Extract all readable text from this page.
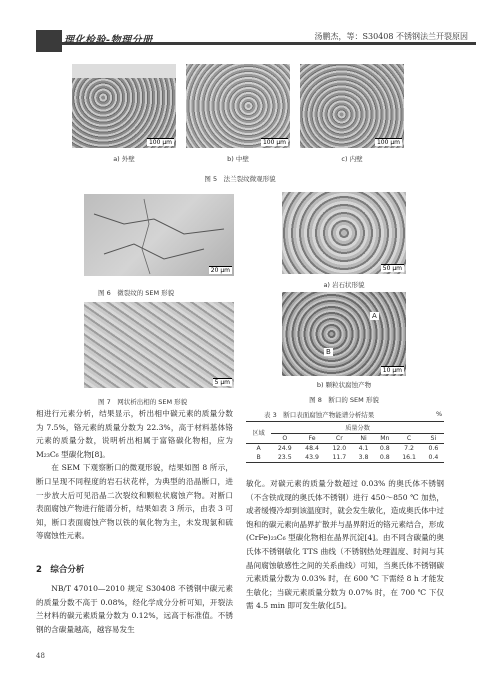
理化检验-物理分册	汤鹏杰，等：S30408 不锈钢法兰开裂原因
100 μm	100 μm	100 μm
a) 外壁	b) 中壁	c) 内壁
图 5　法兰裂纹微观形貌
20 μm
图 6　微裂纹的 SEM 形貌
5 μm
图 7　网状析出相的 SEM 形貌
50 μm
a) 岩石状形貌
A
B
10 μm
b) 颗粒状腐蚀产物
图 8　断口的 SEM 形貌

相进行元素分析，结果显示，析出相中碳元素的质量分数为 7.5%，铬元素的质量分数为 22.3%，高于材料基体铬元素的质量分数，说明析出相属于富铬碳化物相，应为 M₂₃C₆ 型碳化物[8]。

在 SEM 下观察断口的微观形貌，结果如图 8 所示，断口呈现不同程度的岩石状花样，为典型的沿晶断口，进一步放大后可见沿晶二次裂纹和颗粒状腐蚀产物。对断口表面腐蚀产物进行能谱分析，结果如表 3 所示，由表 3 可知，断口表面腐蚀产物以铁的氧化物为主，未发现氯和硫等腐蚀性元素。

2　综合分析
NB/T 47010—2010 规定 S30408 不锈钢中碳元素的质量分数不高于 0.08%，经化学成分分析可知，开裂法兰材料的碳元素质量分数为 0.12%，远高于标准值。不锈钢的含碳量越高，越容易发生
表 3　断口表面腐蚀产物能谱分析结果	%
区域	质量分数						
	O	Fe	Cr	Ni	Mn	C	Si
A	24.9	48.4	12.0	4.1	0.8	7.2	0.6
B	23.5	43.9	11.7	3.8	0.8	16.1	0.4
敏化。对碳元素的质量分数超过 0.03% 的奥氏体不锈钢（不含铁成现的奥氏体不锈钢）进行 450～850 ℃ 加热，或者缓慢冷却到该温度时，就会发生敏化，造成奥氏体中过饱和的碳元素向晶界扩散并与晶界附近的铬元素结合，形成 (CrFe)₂₃C₆ 型碳化物相在晶界沉淀[4]。由不同含碳量的奥氏体不锈钢敏化 TTS 曲线（不锈钢热处理温度、时间与其晶间腐蚀敏感性之间的关系曲线）可知，当奥氏体不锈钢碳元素质量分数为 0.03% 时，在 600 ℃ 下需经 8 h 才能发生敏化；当碳元素质量分数为 0.07% 时，在 700 ℃ 下仅需 4.5 min 即可发生敏化[5]。
48
